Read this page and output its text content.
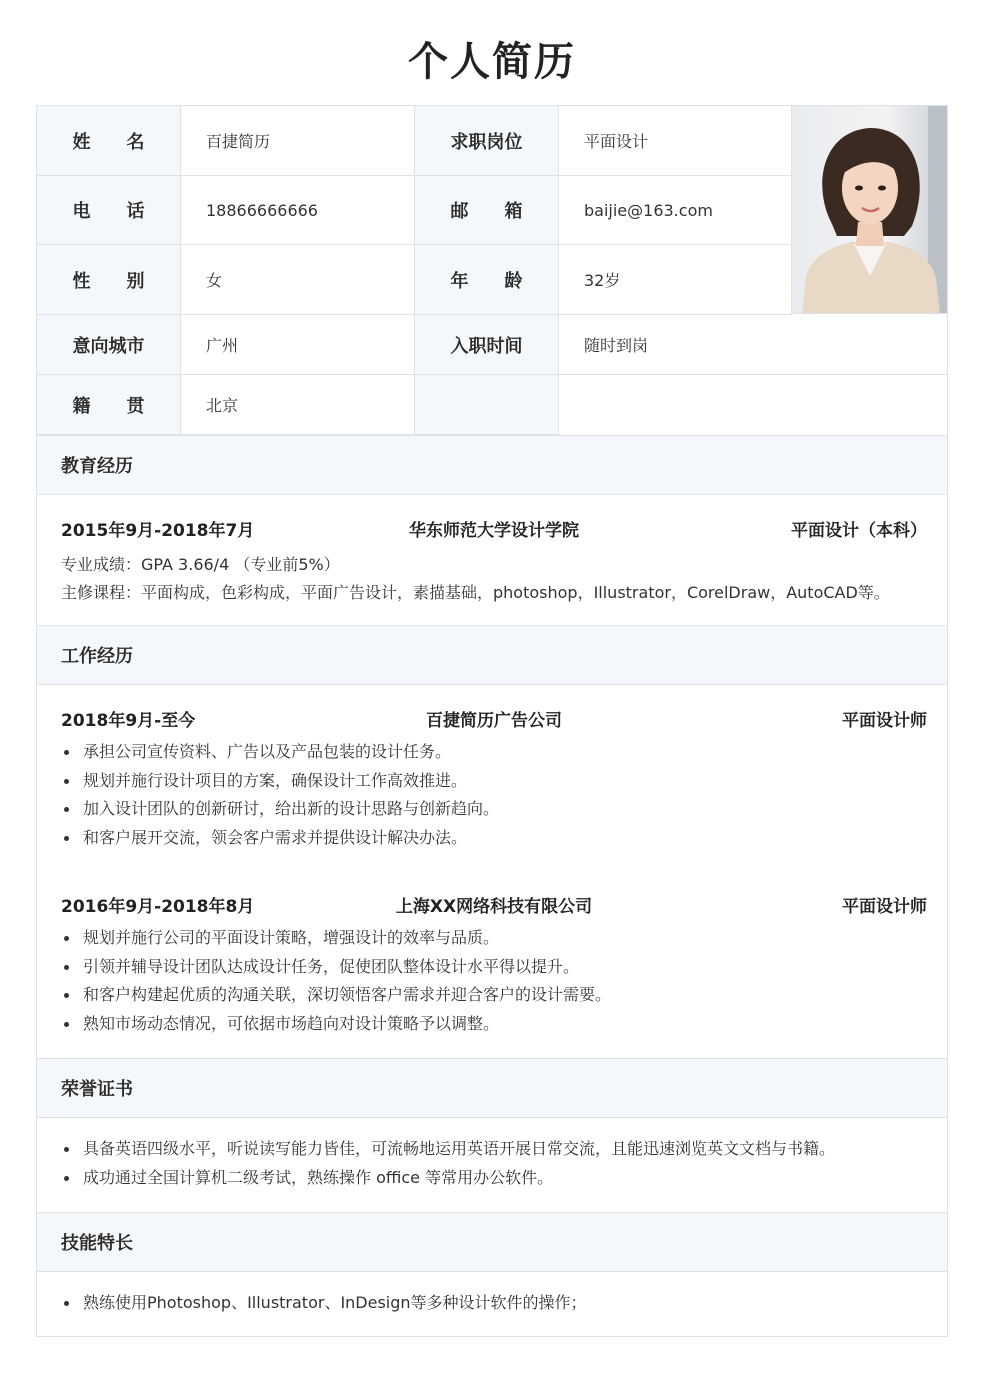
个人简历
姓　　名	百捷简历	求职岗位	平面设计
电　　话	18866666666	邮　　箱	baijie@163.com
性　　别	女	年　　龄	32岁
意向城市	广州	入职时间	随时到岗
籍　　贯	北京
教育经历
2015年9月-2018年7月	华东师范大学设计学院	平面设计（本科）
专业成绩：GPA 3.66/4 （专业前5%）
主修课程：平面构成，色彩构成，平面广告设计，素描基础，photoshop，Illustrator，CorelDraw，AutoCAD等。
工作经历
2018年9月-至今	百捷简历广告公司	平面设计师
承担公司宣传资料、广告以及产品包装的设计任务。
规划并施行设计项目的方案，确保设计工作高效推进。
加入设计团队的创新研讨，给出新的设计思路与创新趋向。
和客户展开交流，领会客户需求并提供设计解决办法。
2016年9月-2018年8月	上海XX网络科技有限公司	平面设计师
规划并施行公司的平面设计策略，增强设计的效率与品质。
引领并辅导设计团队达成设计任务，促使团队整体设计水平得以提升。
和客户构建起优质的沟通关联，深切领悟客户需求并迎合客户的设计需要。
熟知市场动态情况，可依据市场趋向对设计策略予以调整。
荣誉证书
具备英语四级水平，听说读写能力皆佳，可流畅地运用英语开展日常交流，且能迅速浏览英文文档与书籍。
成功通过全国计算机二级考试，熟练操作 office 等常用办公软件。
技能特长
熟练使用Photoshop、Illustrator、InDesign等多种设计软件的操作；
